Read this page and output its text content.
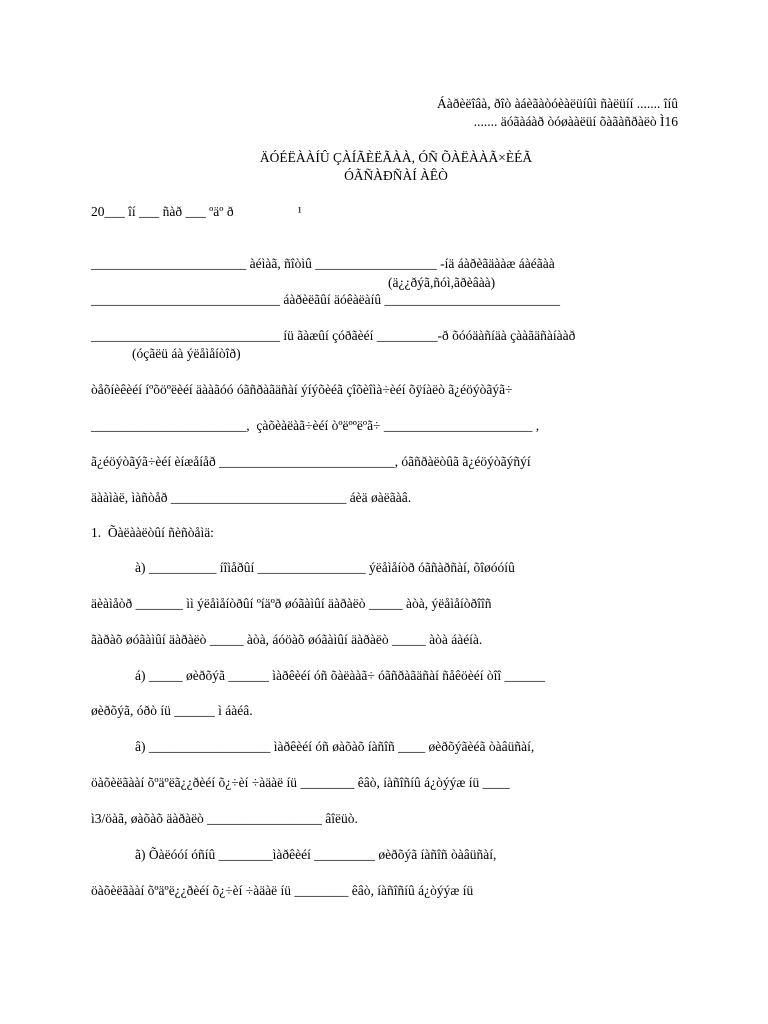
Áàðèëîâà, ðîò àáèãàòóèàëüíûì ñàëüíí ....... îíû
....... äóãàáàð òóøààëüí õàãàñðàëò Ì16
ÄÓÉËÀÀÍÛ ÇÀÍÃÈËÃÀÀ, ÓÑ ÕÀËÀÀÃ×ÈÉÃ
ÓÃÑÀÐÑÀÍ ÀÊÒ
20___ îí ___ ñàð ___ ºäº ð                   ¹
_______________________ àéìàã, ñîòìû __________________ -íä áàðèãäààæ áàéãàà
(ä¿¿ðýã,ñóì,ãðèâàà)
____________________________ áàðèëãûí äóêàëàíû __________________________
____________________________ íü ãàæûí çóðãèéí _________-ð õóóäàñíäà çààãäñàíààð
(óçãëü áà ýëåìåíòîð)
òåõíèêèéí íºõöºëèéí äààãóó óãñðàãäñàí ýíýõèéã çîõèîìà÷èéí õÿíàëò ã¿éöýòãýã÷
_______________________,  çàõèàëàã÷èéí òºëººëºã÷ ______________________ ,
ã¿éöýòãýã÷èéí èíæåíåð __________________________, óãñðàëòûã ã¿éöýòãýñýí
äààìàë, ìàñòåð __________________________ áèä øàëãàâ.
1.  Õàëààëòûí ñèñòåìä:
à) __________ íîìåðûí ________________ ýëåìåíòð óãñàðñàí, õîøóóíû
äèàìåòð _______ ìì ýëåìåíòðûí ºíäºð øóãàìûí äàðàëò _____ àòà, ýëåìåíòðîîñ
ãàðàõ øóãàìûí äàðàëò _____ àòà, áóöàõ øóãàìûí äàðàëò _____ àòà áàéíà.
á) _____ øèðõýã ______ ìàðêèéí óñ õàëààã÷ óãñðàãäñàí ñåêöèéí òîî ______
øèðõýã, óðò íü ______ ì áàéâ.
â) __________________ ìàðêèéí óñ øàõàõ íàñîñ ____ øèðõýãèéã òàâüñàí,
öàõèëãààí õºäºëã¿¿ðèéí õ¿÷èí ÷àäàë íü ________ êâò, íàñîñíû á¿òýýæ íü ____
ì3/öàã, øàõàõ äàðàëò _________________ âîëüò.
ã) Õàëóóí óñíû ________ìàðêèéí _________ øèðõýã íàñîñ òàâüñàí,
öàõèëãààí õºäºë¿¿ðèéí õ¿÷èí ÷àäàë íü ________ êâò, íàñîñíû á¿òýýæ íü
